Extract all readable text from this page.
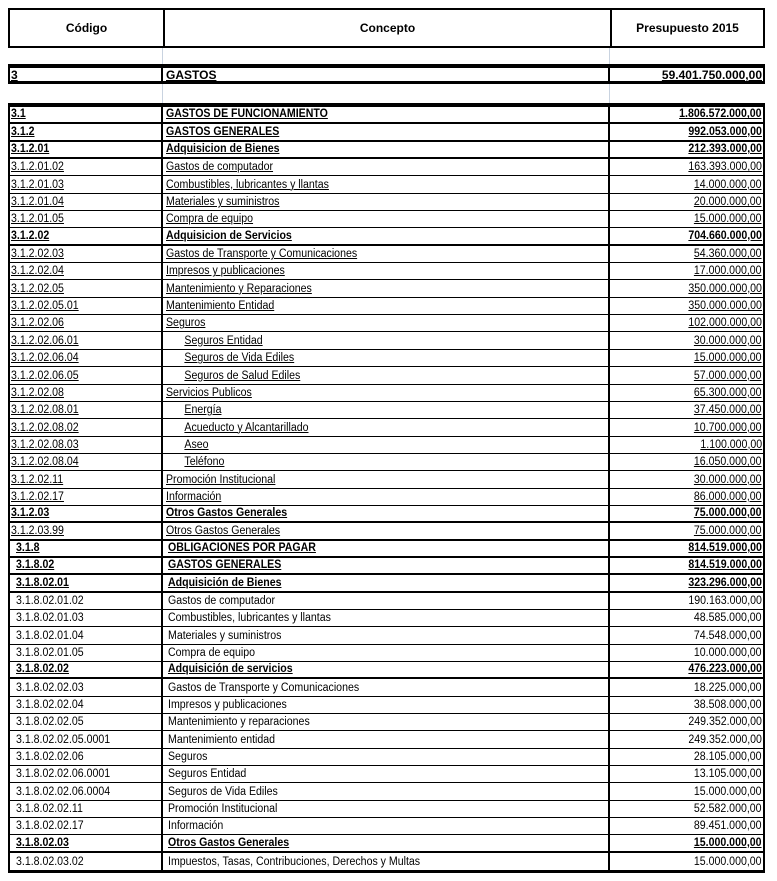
Código	Concepto	Presupuesto 2015
3	GASTOS	59.401.750.000,00
3.1	GASTOS DE FUNCIONAMIENTO	1.806.572.000,00
3.1.2	GASTOS GENERALES	992.053.000,00
3.1.2.01	Adquisicion de Bienes	212.393.000,00
3.1.2.01.02	Gastos de computador	163.393.000,00
3.1.2.01.03	Combustibles, lubricantes y llantas	14.000.000,00
3.1.2.01.04	Materiales y suministros	20.000.000,00
3.1.2.01.05	Compra de equipo	15.000.000,00
3.1.2.02	Adquisicion de Servicios	704.660.000,00
3.1.2.02.03	Gastos de Transporte y Comunicaciones	54.360.000,00
3.1.2.02.04	Impresos y publicaciones	17.000.000,00
3.1.2.02.05	Mantenimiento y Reparaciones	350.000.000,00
3.1.2.02.05.01	Mantenimiento Entidad	350.000.000,00
3.1.2.02.06	Seguros	102.000.000,00
3.1.2.02.06.01	Seguros Entidad	30.000.000,00
3.1.2.02.06.04	Seguros de Vida Ediles	15.000.000,00
3.1.2.02.06.05	Seguros de Salud Ediles	57.000.000,00
3.1.2.02.08	Servicios Publicos	65.300.000,00
3.1.2.02.08.01	Energía	37.450.000,00
3.1.2.02.08.02	Acueducto y Alcantarillado	10.700.000,00
3.1.2.02.08.03	Aseo	1.100.000,00
3.1.2.02.08.04	Teléfono	16.050.000,00
3.1.2.02.11	Promoción Institucional	30.000.000,00
3.1.2.02.17	Información	86.000.000,00
3.1.2.03	Otros Gastos Generales	75.000.000,00
3.1.2.03.99	Otros Gastos Generales	75.000.000,00
3.1.8	OBLIGACIONES POR PAGAR	814.519.000,00
3.1.8.02	GASTOS GENERALES	814.519.000,00
3.1.8.02.01	Adquisición de Bienes	323.296.000,00
3.1.8.02.01.02	Gastos de computador	190.163.000,00
3.1.8.02.01.03	Combustibles, lubricantes y llantas	48.585.000,00
3.1.8.02.01.04	Materiales y suministros	74.548.000,00
3.1.8.02.01.05	Compra de equipo	10.000.000,00
3.1.8.02.02	Adquisición de servicios	476.223.000,00
3.1.8.02.02.03	Gastos de Transporte y Comunicaciones	18.225.000,00
3.1.8.02.02.04	Impresos y publicaciones	38.508.000,00
3.1.8.02.02.05	Mantenimiento y reparaciones	249.352.000,00
3.1.8.02.02.05.0001	Mantenimiento entidad	249.352.000,00
3.1.8.02.02.06	Seguros	28.105.000,00
3.1.8.02.02.06.0001	Seguros Entidad	13.105.000,00
3.1.8.02.02.06.0004	Seguros de Vida Ediles	15.000.000,00
3.1.8.02.02.11	Promoción Institucional	52.582.000,00
3.1.8.02.02.17	Información	89.451.000,00
3.1.8.02.03	Otros Gastos Generales	15.000.000,00
3.1.8.02.03.02	Impuestos, Tasas, Contribuciones, Derechos y Multas	15.000.000,00
